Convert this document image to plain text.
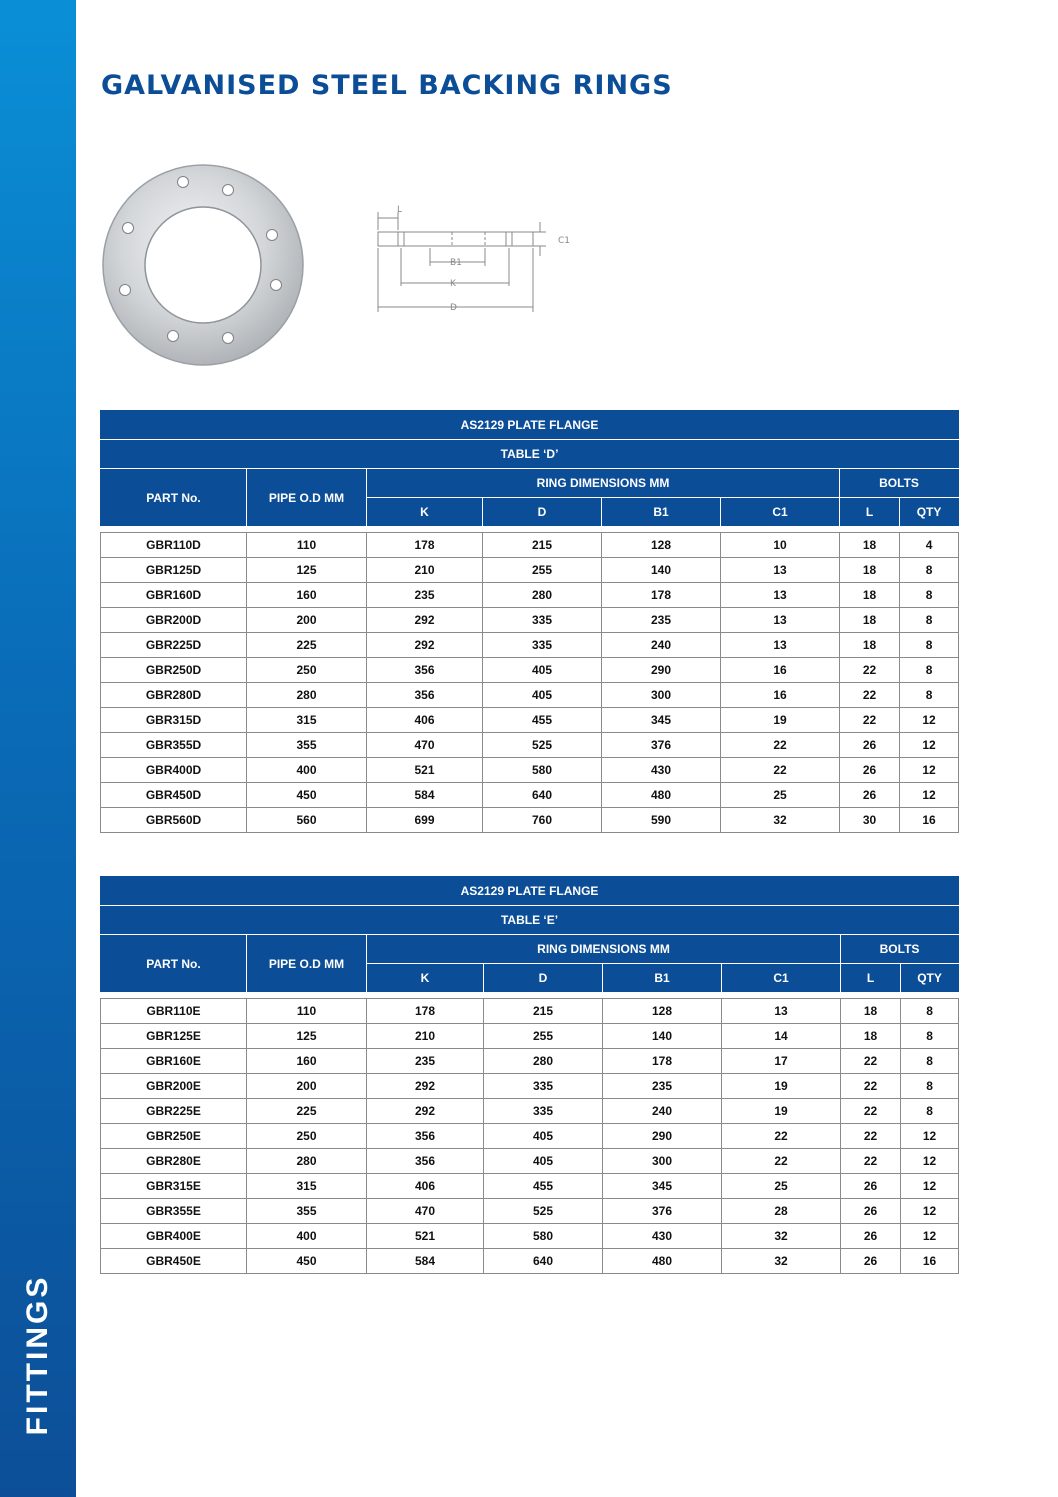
FITTINGS
GALVANISED STEEL BACKING RINGS
L
C1
B1
K
D
AS2129 PLATE FLANGE							
TABLE ‘D’							
PART No.	PIPE O.D MM	RING DIMENSIONS MM				BOLTS	
		K	D	B1	C1	L	QTY

GBR110D	110	178	215	128	10	18	4
GBR125D	125	210	255	140	13	18	8
GBR160D	160	235	280	178	13	18	8
GBR200D	200	292	335	235	13	18	8
GBR225D	225	292	335	240	13	18	8
GBR250D	250	356	405	290	16	22	8
GBR280D	280	356	405	300	16	22	8
GBR315D	315	406	455	345	19	22	12
GBR355D	355	470	525	376	22	26	12
GBR400D	400	521	580	430	22	26	12
GBR450D	450	584	640	480	25	26	12
GBR560D	560	699	760	590	32	30	16
AS2129 PLATE FLANGE							
TABLE ‘E’							
PART No.	PIPE O.D MM	RING DIMENSIONS MM				BOLTS	
		K	D	B1	C1	L	QTY

GBR110E	110	178	215	128	13	18	8
GBR125E	125	210	255	140	14	18	8
GBR160E	160	235	280	178	17	22	8
GBR200E	200	292	335	235	19	22	8
GBR225E	225	292	335	240	19	22	8
GBR250E	250	356	405	290	22	22	12
GBR280E	280	356	405	300	22	22	12
GBR315E	315	406	455	345	25	26	12
GBR355E	355	470	525	376	28	26	12
GBR400E	400	521	580	430	32	26	12
GBR450E	450	584	640	480	32	26	16
